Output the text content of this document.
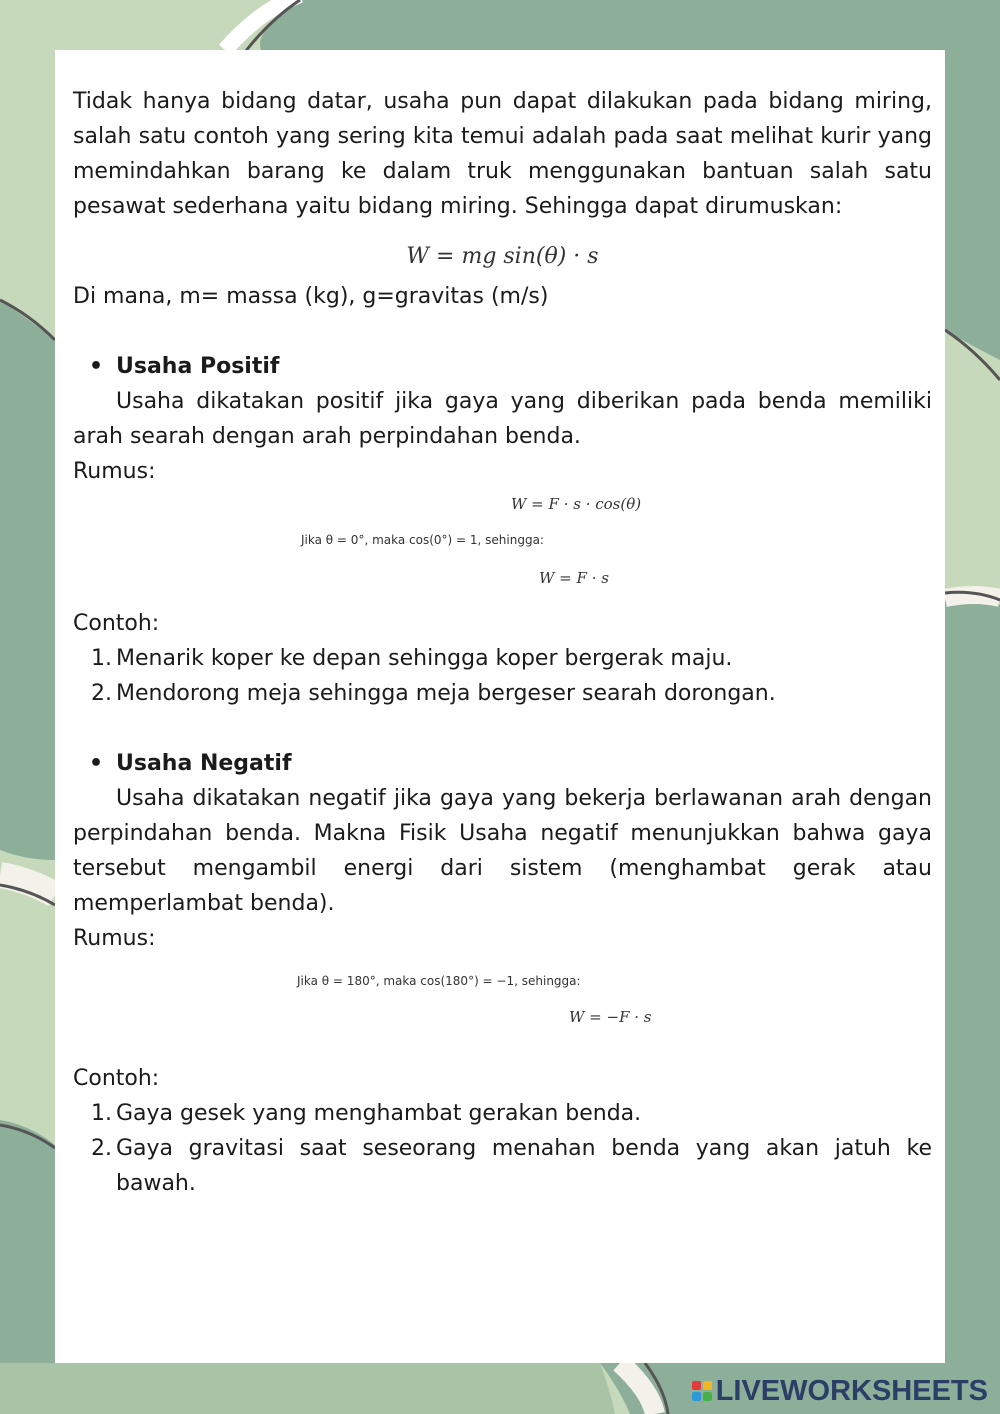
Tidak hanya bidang datar, usaha pun dapat dilakukan pada bidang miring, salah satu contoh yang sering kita temui adalah pada saat melihat kurir yang memindahkan barang ke dalam truk menggunakan bantuan salah satu pesawat sederhana yaitu bidang miring. Sehingga dapat dirumuskan:

W = mg sin(θ) · s

Di mana, m= massa (kg), g=gravitas (m/s)

• Usaha Positif

Usaha dikatakan positif jika gaya yang diberikan pada benda memiliki arah searah dengan arah perpindahan benda.

Rumus:

W = F · s · cos(θ)
Jika θ = 0°, maka cos(0°) = 1, sehingga:
W = F · s

Contoh:

1. Menarik koper ke depan sehingga koper bergerak maju.
2. Mendorong meja sehingga meja bergeser searah dorongan.
• Usaha Negatif

Usaha dikatakan negatif jika gaya yang bekerja berlawanan arah dengan perpindahan benda. Makna Fisik Usaha negatif menunjukkan bahwa gaya tersebut mengambil energi dari sistem (menghambat gerak atau memperlambat benda).

Rumus:

Jika θ = 180°, maka cos(180°) = −1, sehingga:
W = −F · s

Contoh:

1. Gaya gesek yang menghambat gerakan benda.
2. Gaya gravitasi saat seseorang menahan benda yang akan jatuh ke bawah.
LIVEWORKSHEETS
